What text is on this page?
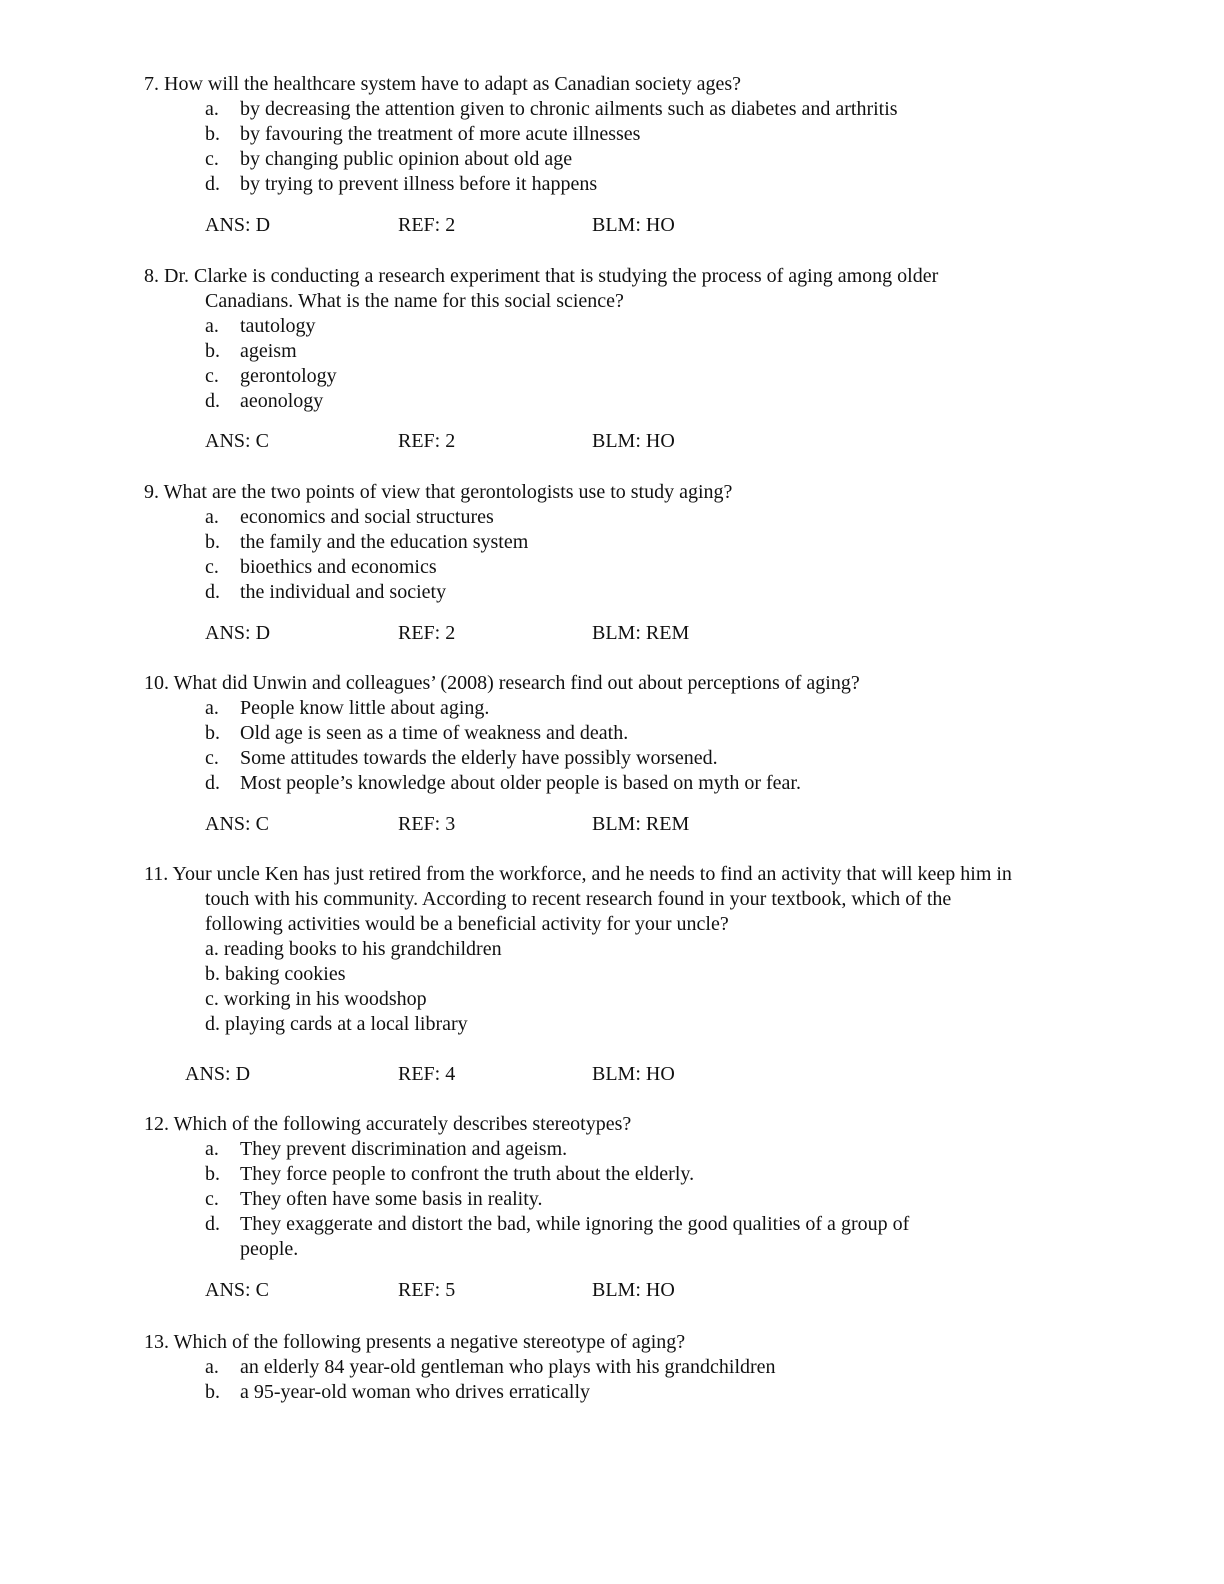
7. How will the healthcare system have to adapt as Canadian society ages?
a. by decreasing the attention given to chronic ailments such as diabetes and arthritis
b. by favouring the treatment of more acute illnesses
c. by changing public opinion about old age
d. by trying to prevent illness before it happens
ANS: D	REF: 2	BLM: HO
8. Dr. Clarke is conducting a research experiment that is studying the process of aging among older
Canadians. What is the name for this social science?
a. tautology
b. ageism
c. gerontology
d. aeonology
ANS: C	REF: 2	BLM: HO
9. What are the two points of view that gerontologists use to study aging?
a. economics and social structures
b. the family and the education system
c. bioethics and economics
d. the individual and society
ANS: D	REF: 2	BLM: REM
10. What did Unwin and colleagues’ (2008) research find out about perceptions of aging?
a. People know little about aging.
b. Old age is seen as a time of weakness and death.
c. Some attitudes towards the elderly have possibly worsened.
d. Most people’s knowledge about older people is based on myth or fear.
ANS: C	REF: 3	BLM: REM
11. Your uncle Ken has just retired from the workforce, and he needs to find an activity that will keep him in
touch with his community. According to recent research found in your textbook, which of the
following activities would be a beneficial activity for your uncle?
a. reading books to his grandchildren
b. baking cookies
c. working in his woodshop
d. playing cards at a local library
ANS: D	REF: 4	BLM: HO
12. Which of the following accurately describes stereotypes?
a. They prevent discrimination and ageism.
b. They force people to confront the truth about the elderly.
c. They often have some basis in reality.
d. They exaggerate and distort the bad, while ignoring the good qualities of a group of
people.
ANS: C	REF: 5	BLM: HO
13. Which of the following presents a negative stereotype of aging?
a. an elderly 84 year-old gentleman who plays with his grandchildren
b. a 95-year-old woman who drives erratically
